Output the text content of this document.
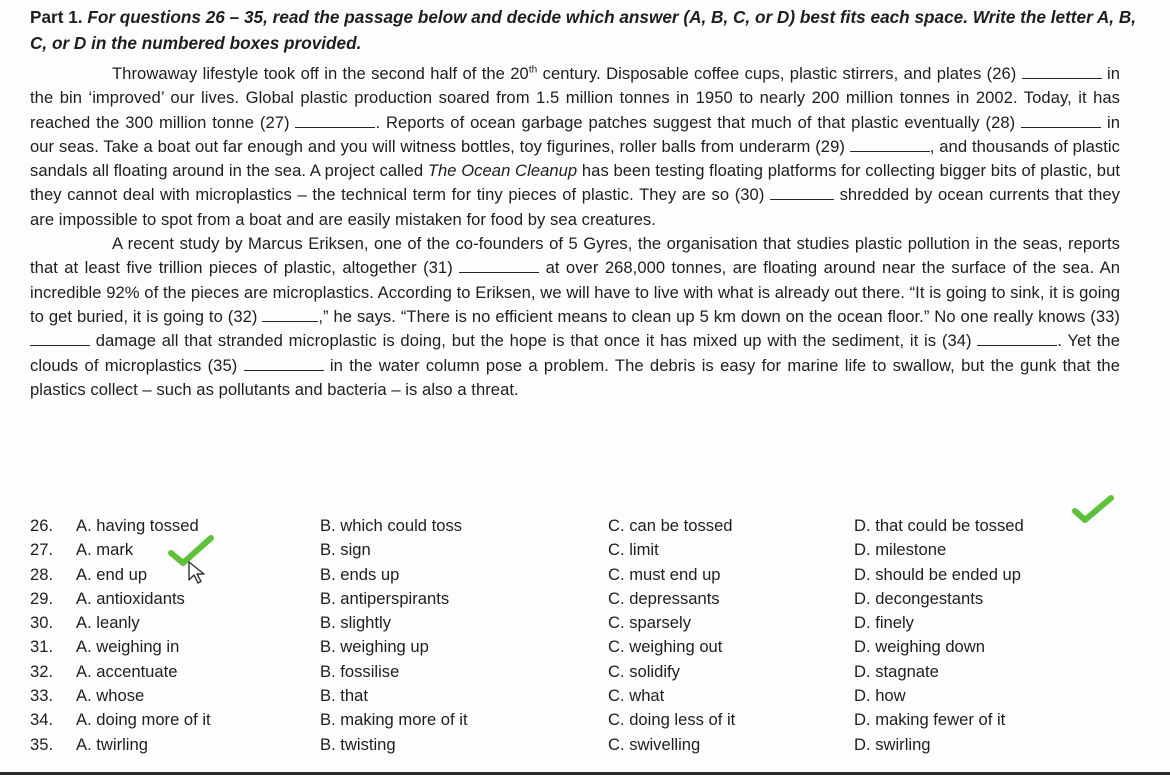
Part 1. For questions 26 – 35, read the passage below and decide which answer (A, B, C, or D) best fits each space. Write the letter A, B, C, or D in the numbered boxes provided.

Throwaway lifestyle took off in the second half of the 20th century. Disposable coffee cups, plastic stirrers, and plates (26)	in the bin ‘improved’ our lives. Global plastic production soared from 1.5 million tonnes in 1950 to nearly 200 million tonnes in 2002. Today, it has reached the 300 million tonne (27)	. Reports of ocean garbage patches suggest that much of that plastic eventually (28)	in our seas. Take a boat out far enough and you will witness bottles, toy figurines, roller balls from underarm (29)	, and thousands of plastic sandals all floating around in the sea. A project called The Ocean Cleanup has been testing floating platforms for collecting bigger bits of plastic, but they cannot deal with microplastics – the technical term for tiny pieces of plastic. They are so (30)	shredded by ocean currents that they are impossible to spot from a boat and are easily mistaken for food by sea creatures.

A recent study by Marcus Eriksen, one of the co-founders of 5 Gyres, the organisation that studies plastic pollution in the seas, reports that at least five trillion pieces of plastic, altogether (31)	at over 268,000 tonnes, are floating around near the surface of the sea. An incredible 92% of the pieces are microplastics. According to Eriksen, we will have to live with what is already out there. “It is going to sink, it is going to get buried, it is going to (32)	,” he says. “There is no efficient means to clean up 5 km down on the ocean floor.” No one really knows (33)  damage all that stranded microplastic is doing, but the hope is that once it has mixed up with the sediment, it is (34)	. Yet the clouds of microplastics (35)	in the water column pose a problem. The debris is easy for marine life to swallow, but the gunk that the plastics collect – such as pollutants and bacteria – is also a threat.

26. A. having tossed	B. which could toss	C. can be tossed	D. that could be tossed
27. A. mark	B. sign	C. limit	D. milestone
28. A. end up	B. ends up	C. must end up	D. should be ended up
29. A. antioxidants	B. antiperspirants	C. depressants	D. decongestants
30. A. leanly	B. slightly	C. sparsely	D. finely
31. A. weighing in	B. weighing up	C. weighing out	D. weighing down
32. A. accentuate	B. fossilise	C. solidify	D. stagnate
33. A. whose	B. that	C. what	D. how
34. A. doing more of it	B. making more of it	C. doing less of it	D. making fewer of it
35. A. twirling	B. twisting	C. swivelling	D. swirling
